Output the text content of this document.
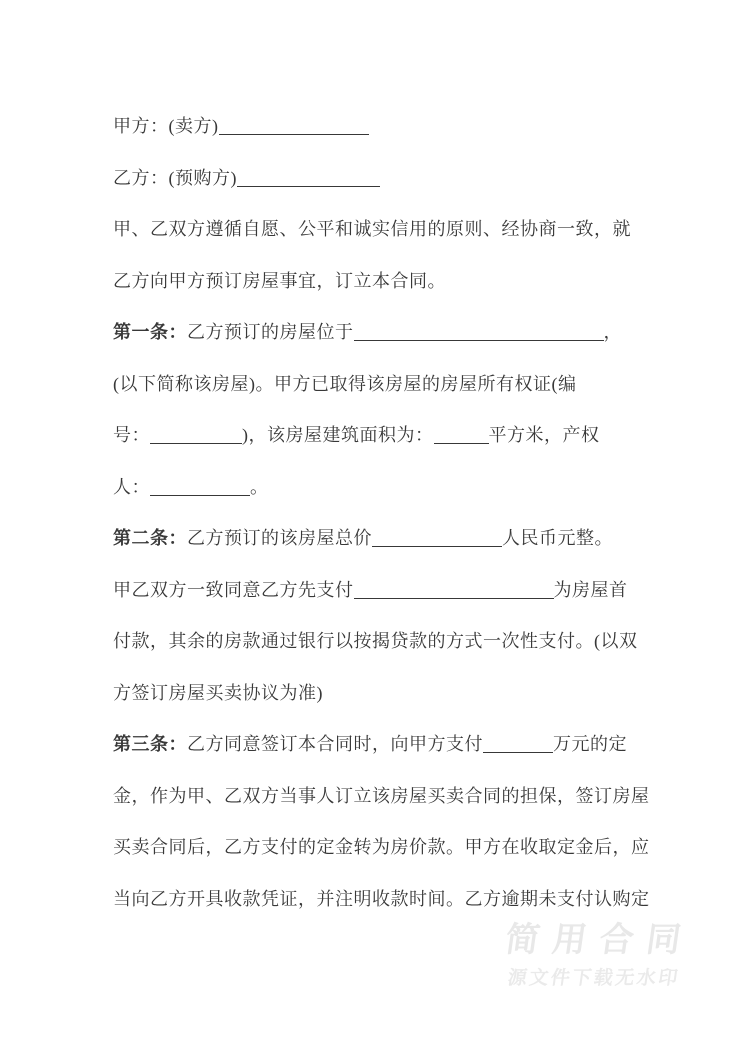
甲方：(卖方)
乙方：(预购方)
甲、乙双方遵循自愿、公平和诚实信用的原则、经协商一致，就
乙方向甲方预订房屋事宜，订立本合同。
第一条：乙方预订的房屋位于	，
(以下简称该房屋)。甲方已取得该房屋的房屋所有权证(编
号：	)，该房屋建筑面积为：	平方米，产权
人：	。
第二条：乙方预订的该房屋总价	人民币元整。
甲乙双方一致同意乙方先支付	为房屋首
付款，其余的房款通过银行以按揭贷款的方式一次性支付。(以双
方签订房屋买卖协议为准)
第三条：乙方同意签订本合同时，向甲方支付	万元的定
金，作为甲、乙双方当事人订立该房屋买卖合同的担保，签订房屋
买卖合同后，乙方支付的定金转为房价款。甲方在收取定金后，应
当向乙方开具收款凭证，并注明收款时间。乙方逾期未支付认购定
简用合同
源文件下载无水印
